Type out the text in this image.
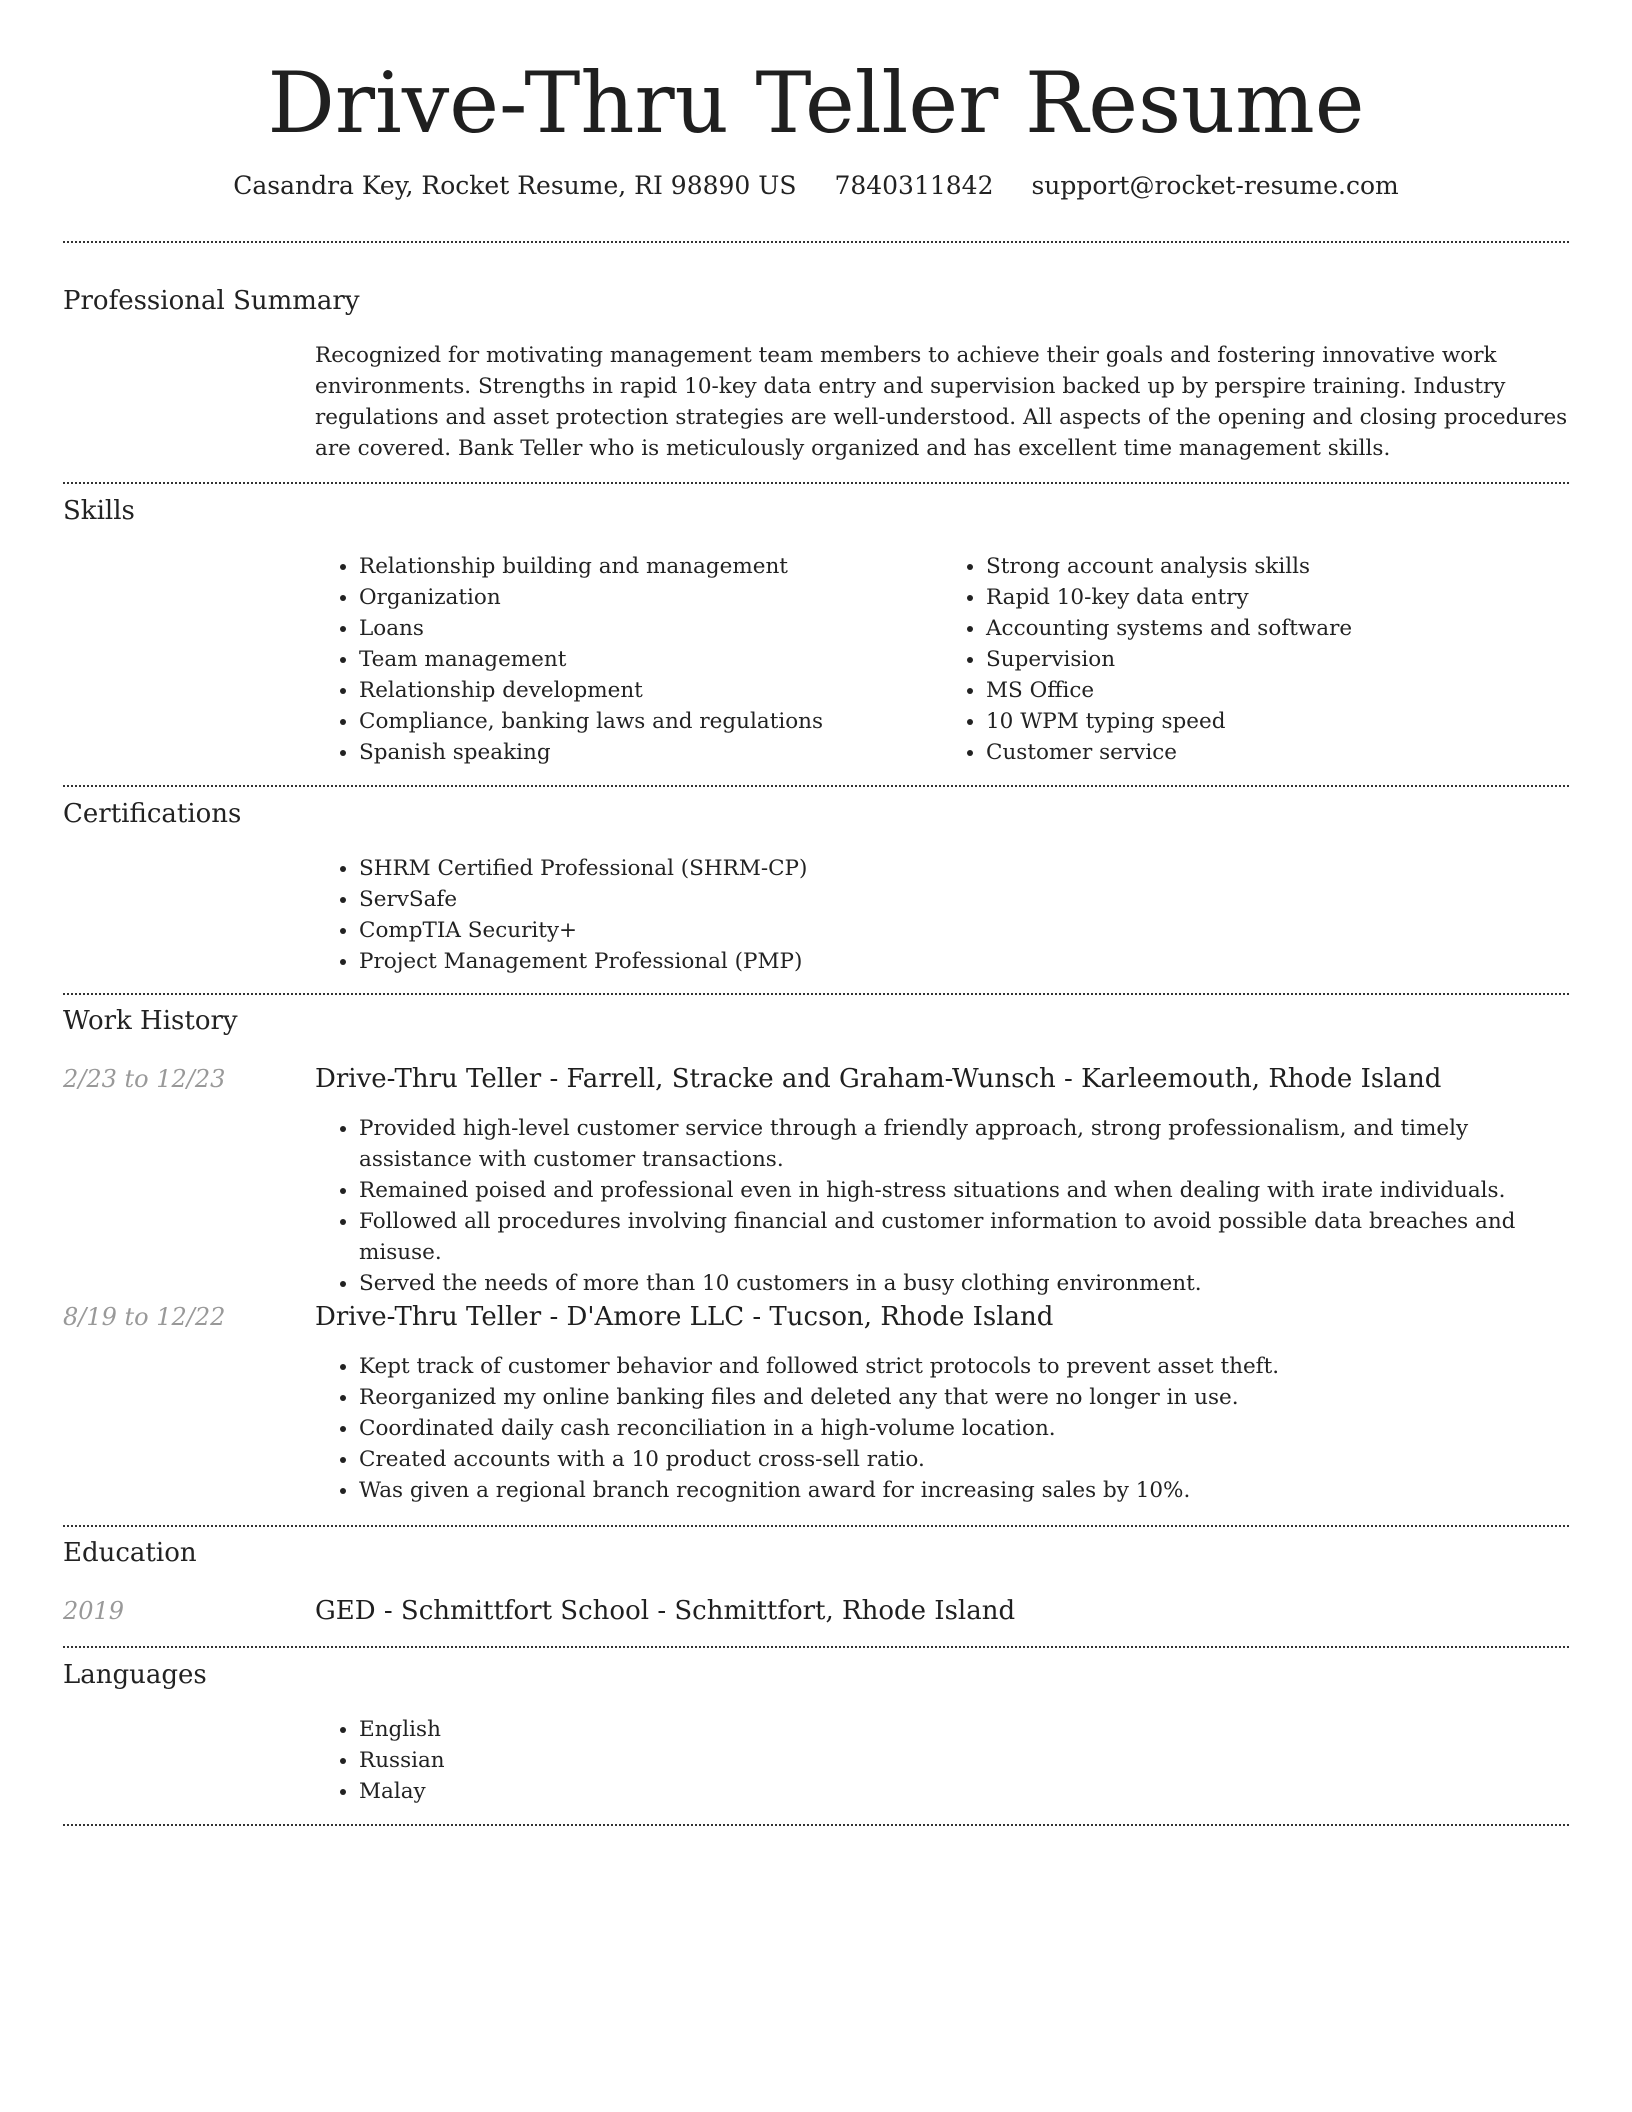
Drive-Thru Teller Resume
Casandra Key, Rocket Resume, RI 98890 US 7840311842 support@rocket-resume.com
Professional Summary

Recognized for motivating management team members to achieve their goals and fostering innovative work environments. Strengths in rapid 10-key data entry and supervision backed up by perspire training. Industry regulations and asset protection strategies are well-understood. All aspects of the opening and closing procedures are covered. Bank Teller who is meticulously organized and has excellent time management skills.

Skills
• Relationship building and management
• Organization
• Loans
• Team management
• Relationship development
• Compliance, banking laws and regulations
• Spanish speaking
• Strong account analysis skills
• Rapid 10-key data entry
• Accounting systems and software
• Supervision
• MS Office
• 10 WPM typing speed
• Customer service
Certifications
• SHRM Certified Professional (SHRM-CP)
• ServSafe
• CompTIA Security+
• Project Management Professional (PMP)
Work History
2/23 to 12/23	Drive-Thru Teller - Farrell, Stracke and Graham-Wunsch - Karleemouth, Rhode Island
• Provided high-level customer service through a friendly approach, strong professionalism, and timely assistance with customer transactions.
• Remained poised and professional even in high-stress situations and when dealing with irate individuals.
• Followed all procedures involving financial and customer information to avoid possible data breaches and misuse.
• Served the needs of more than 10 customers in a busy clothing environment.
8/19 to 12/22	Drive-Thru Teller - D'Amore LLC - Tucson, Rhode Island
• Kept track of customer behavior and followed strict protocols to prevent asset theft.
• Reorganized my online banking files and deleted any that were no longer in use.
• Coordinated daily cash reconciliation in a high-volume location.
• Created accounts with a 10 product cross-sell ratio.
• Was given a regional branch recognition award for increasing sales by 10%.
Education
2019	GED - Schmittfort School - Schmittfort, Rhode Island
Languages
• English
• Russian
• Malay
